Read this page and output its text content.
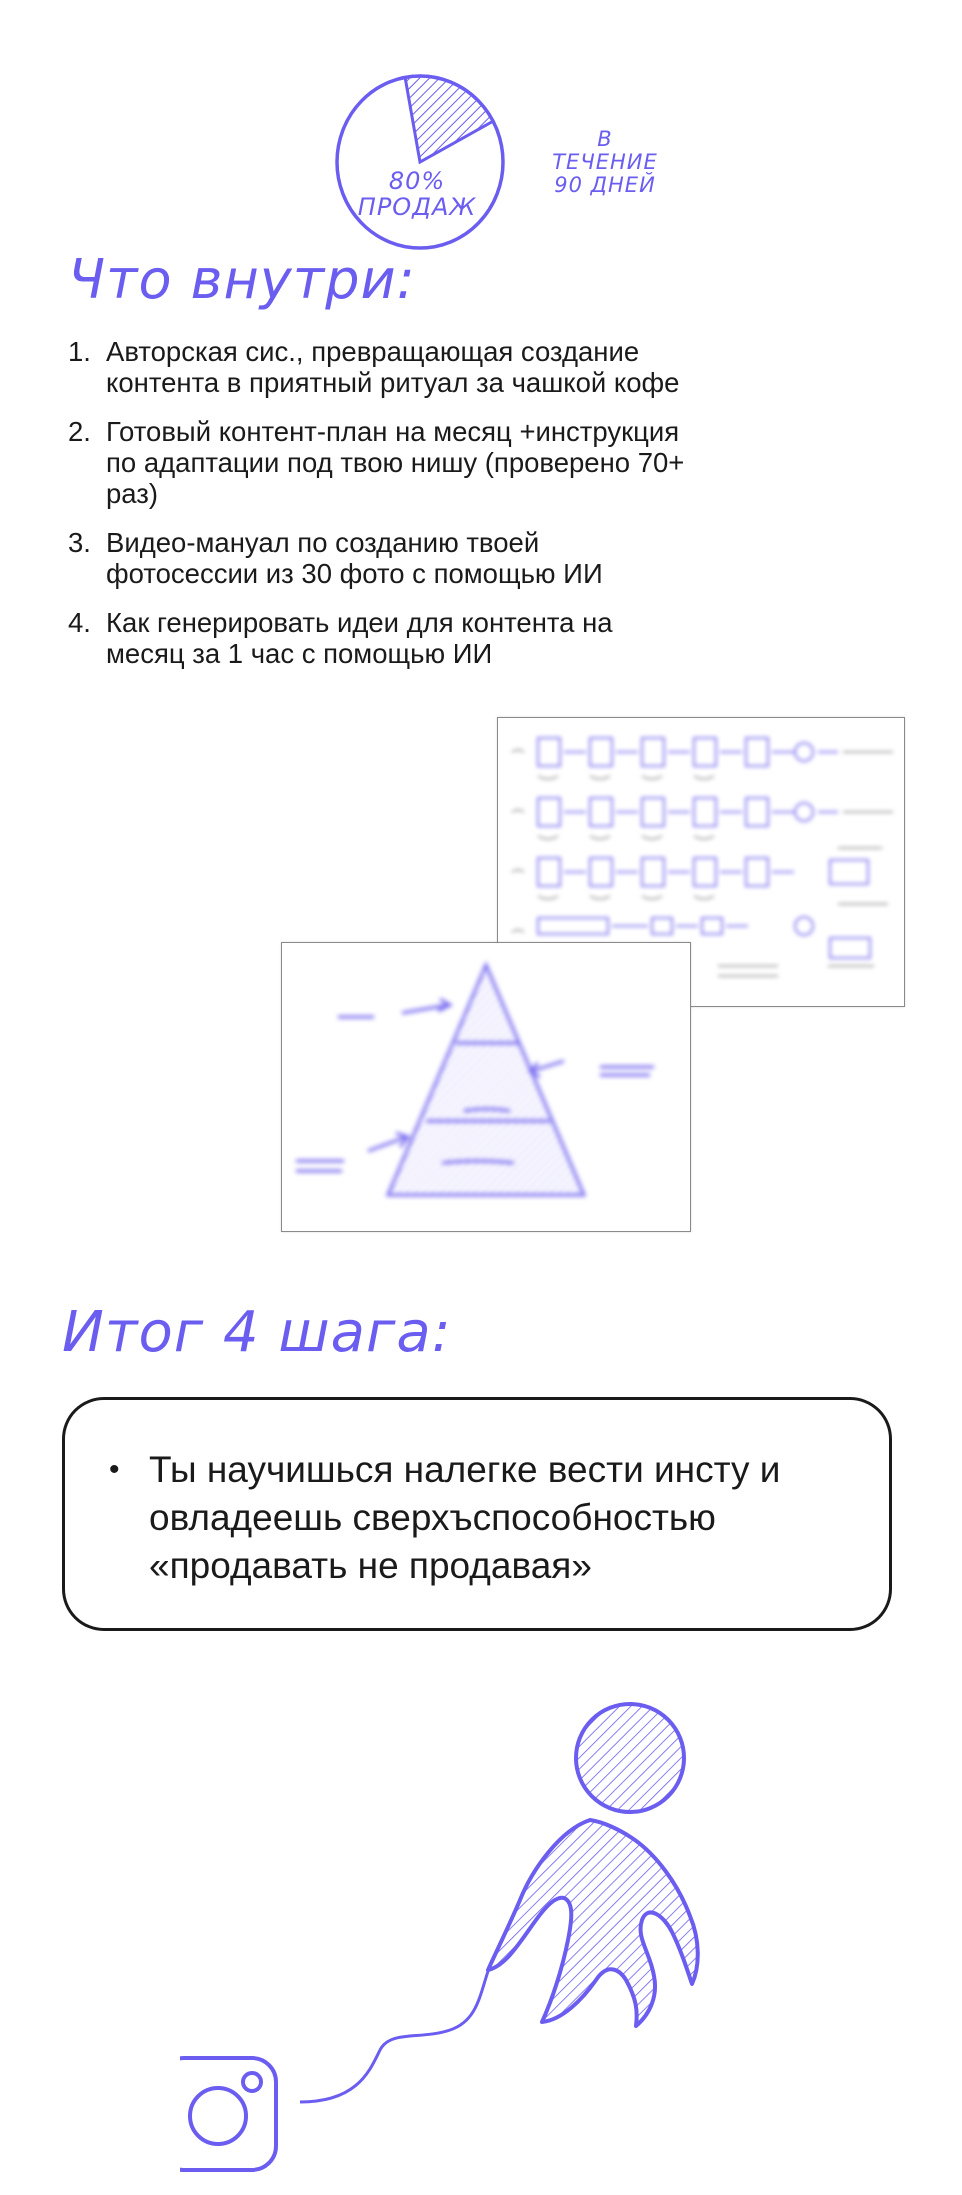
80%
ПРОДАЖ
В
ТЕЧЕНИЕ
90 ДНЕЙ
Что внутри:
1. Авторская сис., превращающая создание контента в приятный ритуал за чашкой кофе
2. Готовый контент-план на месяц +инструкция по адаптации под твою нишу (проверено 70+ раз)
3. Видео-мануал по созданию твоей фотосессии из 30 фото с помощью ИИ
4. Как генерировать идеи для контента на месяц за 1 час с помощью ИИ
Итог 4 шага:
• Ты научишься налегке вести инсту и овладеешь сверхъспособностью «продавать не продавая»
